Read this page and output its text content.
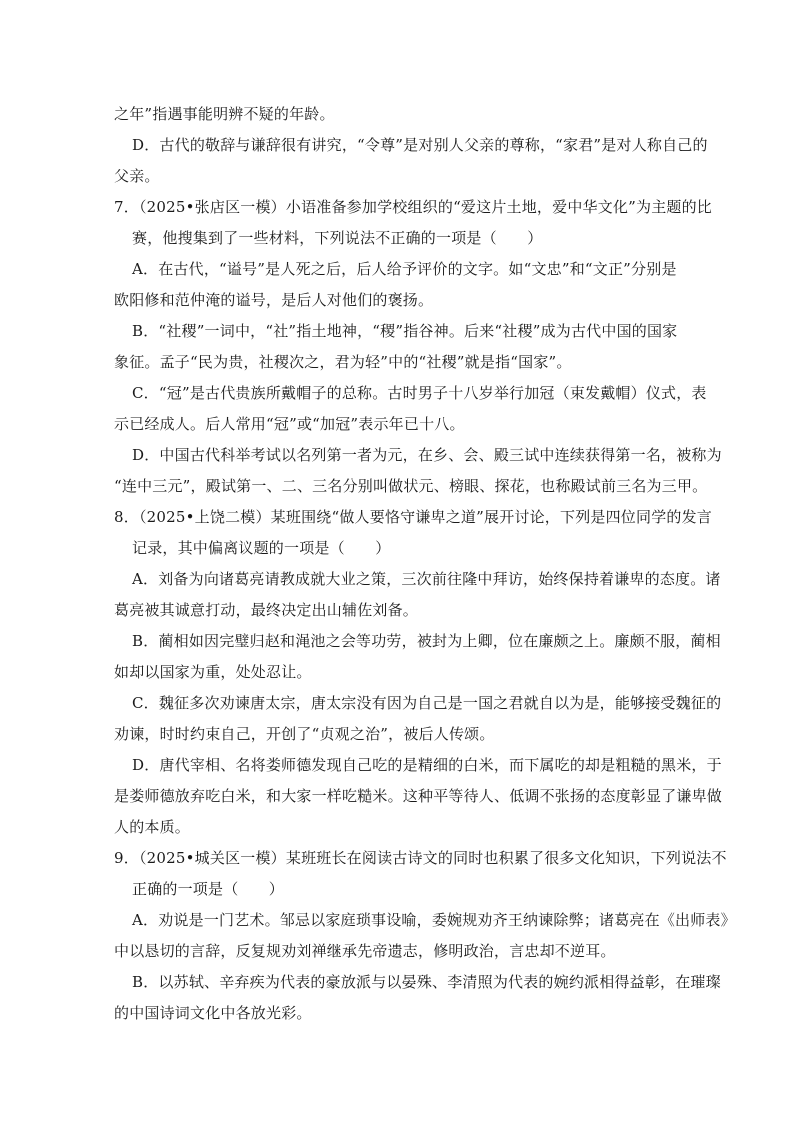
之年”指遇事能明辨不疑的年龄。
D．古代的敬辞与谦辞很有讲究，“令尊”是对别人父亲的尊称，“家君”是对人称自己的
父亲。
7．（2025•张店区一模）小语准备参加学校组织的“爱这片土地，爱中华文化”为主题的比
赛，他搜集到了一些材料，下列说法不正确的一项是（　　）
A．在古代，“谥号”是人死之后，后人给予评价的文字。如“文忠”和“文正”分别是
欧阳修和范仲淹的谥号，是后人对他们的褒扬。
B．“社稷”一词中，“社”指土地神，“稷”指谷神。后来“社稷”成为古代中国的国家
象征。孟子“民为贵，社稷次之，君为轻”中的“社稷”就是指“国家”。
C．“冠”是古代贵族所戴帽子的总称。古时男子十八岁举行加冠（束发戴帽）仪式，表
示已经成人。后人常用“冠”或“加冠”表示年已十八。
D．中国古代科举考试以名列第一者为元，在乡、会、殿三试中连续获得第一名，被称为
“连中三元”，殿试第一、二、三名分别叫做状元、榜眼、探花，也称殿试前三名为三甲。
8．（2025•上饶二模）某班围绕“做人要恪守谦卑之道”展开讨论，下列是四位同学的发言
记录，其中偏离议题的一项是（　　）
A．刘备为向诸葛亮请教成就大业之策，三次前往隆中拜访，始终保持着谦卑的态度。诸
葛亮被其诚意打动，最终决定出山辅佐刘备。
B．蔺相如因完璧归赵和渑池之会等功劳，被封为上卿，位在廉颇之上。廉颇不服，蔺相
如却以国家为重，处处忍让。
C．魏征多次劝谏唐太宗，唐太宗没有因为自己是一国之君就自以为是，能够接受魏征的
劝谏，时时约束自己，开创了“贞观之治”，被后人传颂。
D．唐代宰相、名将娄师德发现自己吃的是精细的白米，而下属吃的却是粗糙的黑米，于
是娄师德放弃吃白米，和大家一样吃糙米。这种平等待人、低调不张扬的态度彰显了谦卑做
人的本质。
9．（2025•城关区一模）某班班长在阅读古诗文的同时也积累了很多文化知识，下列说法不
正确的一项是（　　）
A．劝说是一门艺术。邹忌以家庭琐事设喻，委婉规劝齐王纳谏除弊；诸葛亮在《出师表》
中以恳切的言辞，反复规劝刘禅继承先帝遗志，修明政治，言忠却不逆耳。
B．以苏轼、辛弃疾为代表的豪放派与以晏殊、李清照为代表的婉约派相得益彰，在璀璨
的中国诗词文化中各放光彩。
